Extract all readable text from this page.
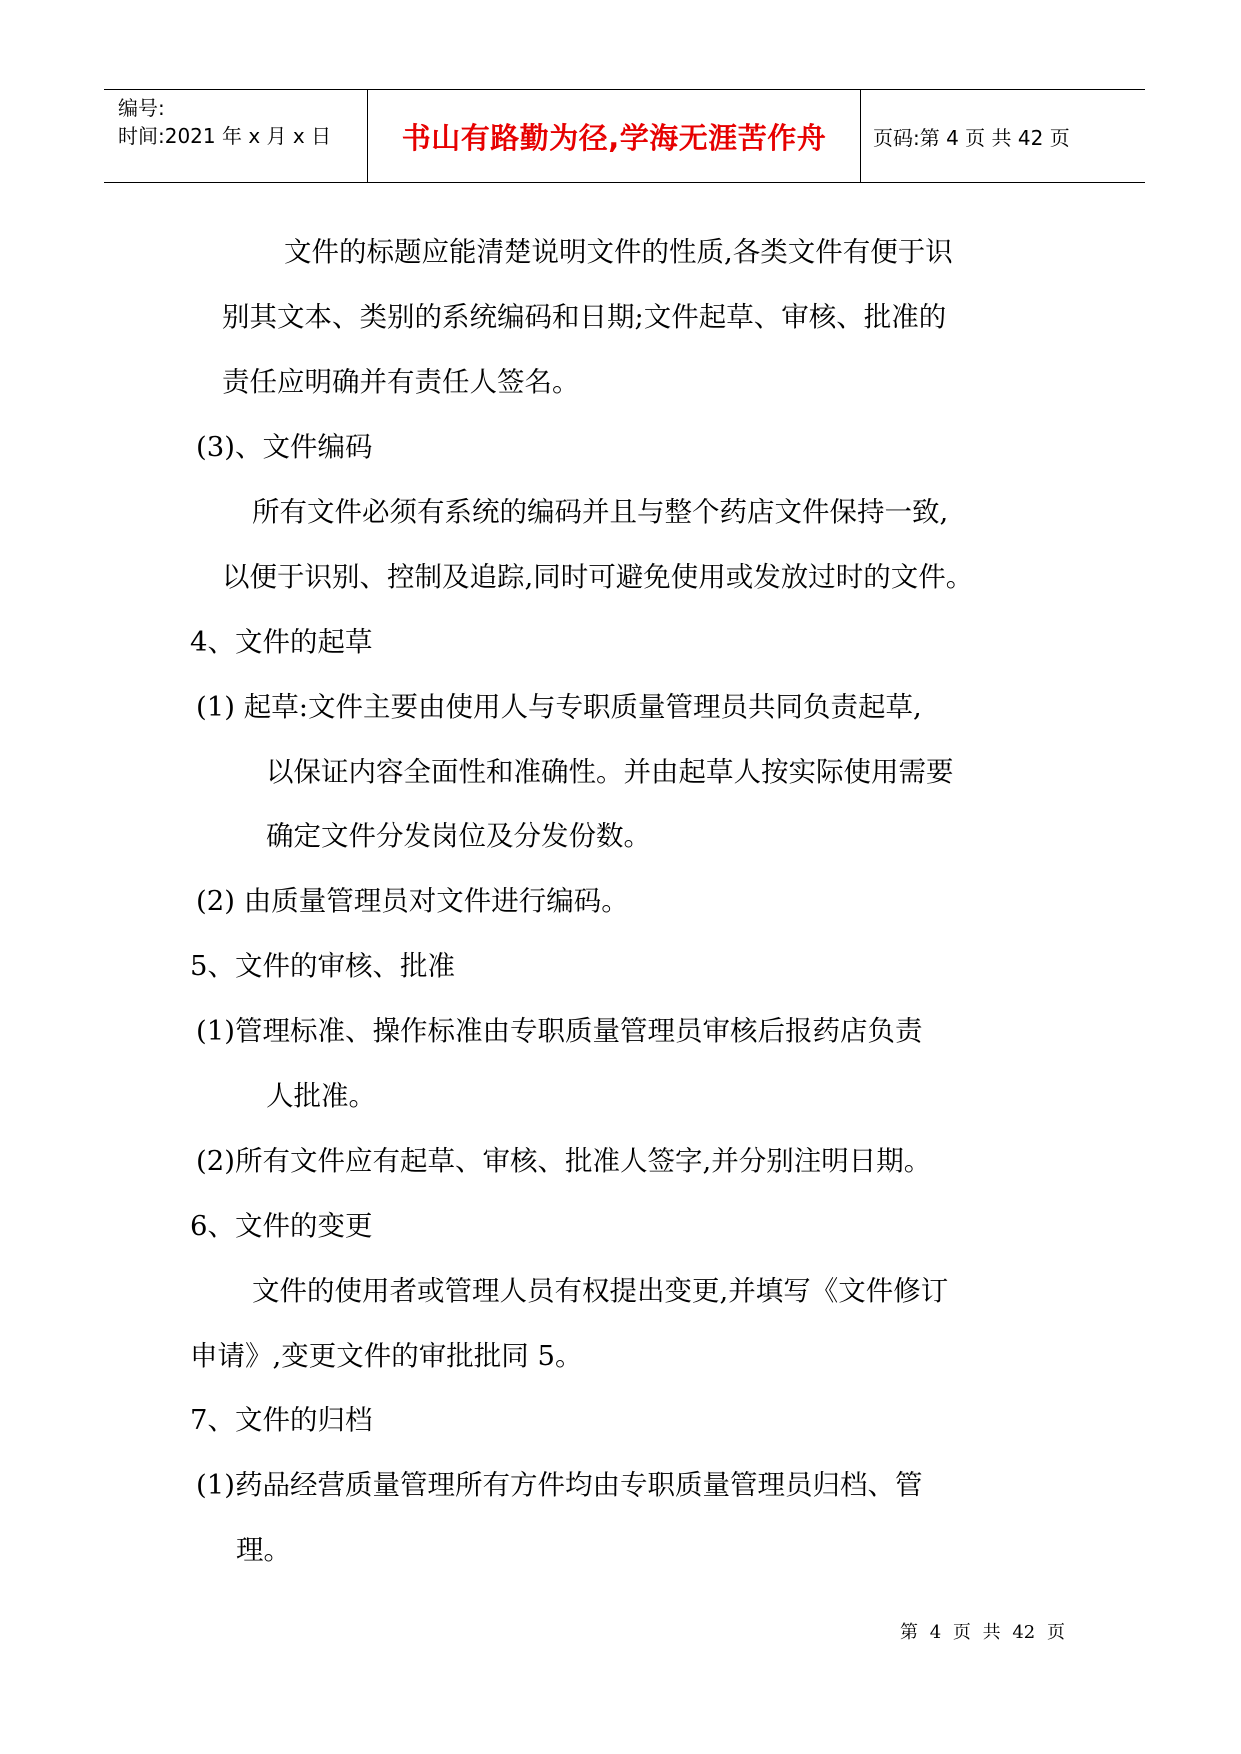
编号:
时间:2021 年 x 月 x 日	书山有路勤为径,学海无涯苦作舟 页码:第 4 页 共 42 页
文件的标题应能清楚说明文件的性质,各类文件有便于识
别其文本、类别的系统编码和日期;文件起草、审核、批准的
责任应明确并有责任人签名。
(3)、文件编码
所有文件必须有系统的编码并且与整个药店文件保持一致,
以便于识别、控制及追踪,同时可避免使用或发放过时的文件。
4、文件的起草
(1) 起草:文件主要由使用人与专职质量管理员共同负责起草,
以保证内容全面性和准确性。并由起草人按实际使用需要
确定文件分发岗位及分发份数。
(2) 由质量管理员对文件进行编码。
5、文件的审核、批准
(1)管理标准、操作标准由专职质量管理员审核后报药店负责
人批准。
(2)所有文件应有起草、审核、批准人签字,并分别注明日期。
6、文件的变更
文件的使用者或管理人员有权提出变更,并填写《文件修订
申请》,变更文件的审批批同 5。
7、文件的归档
(1)药品经营质量管理所有方件均由专职质量管理员归档、管
理。
第 4 页 共 42 页
